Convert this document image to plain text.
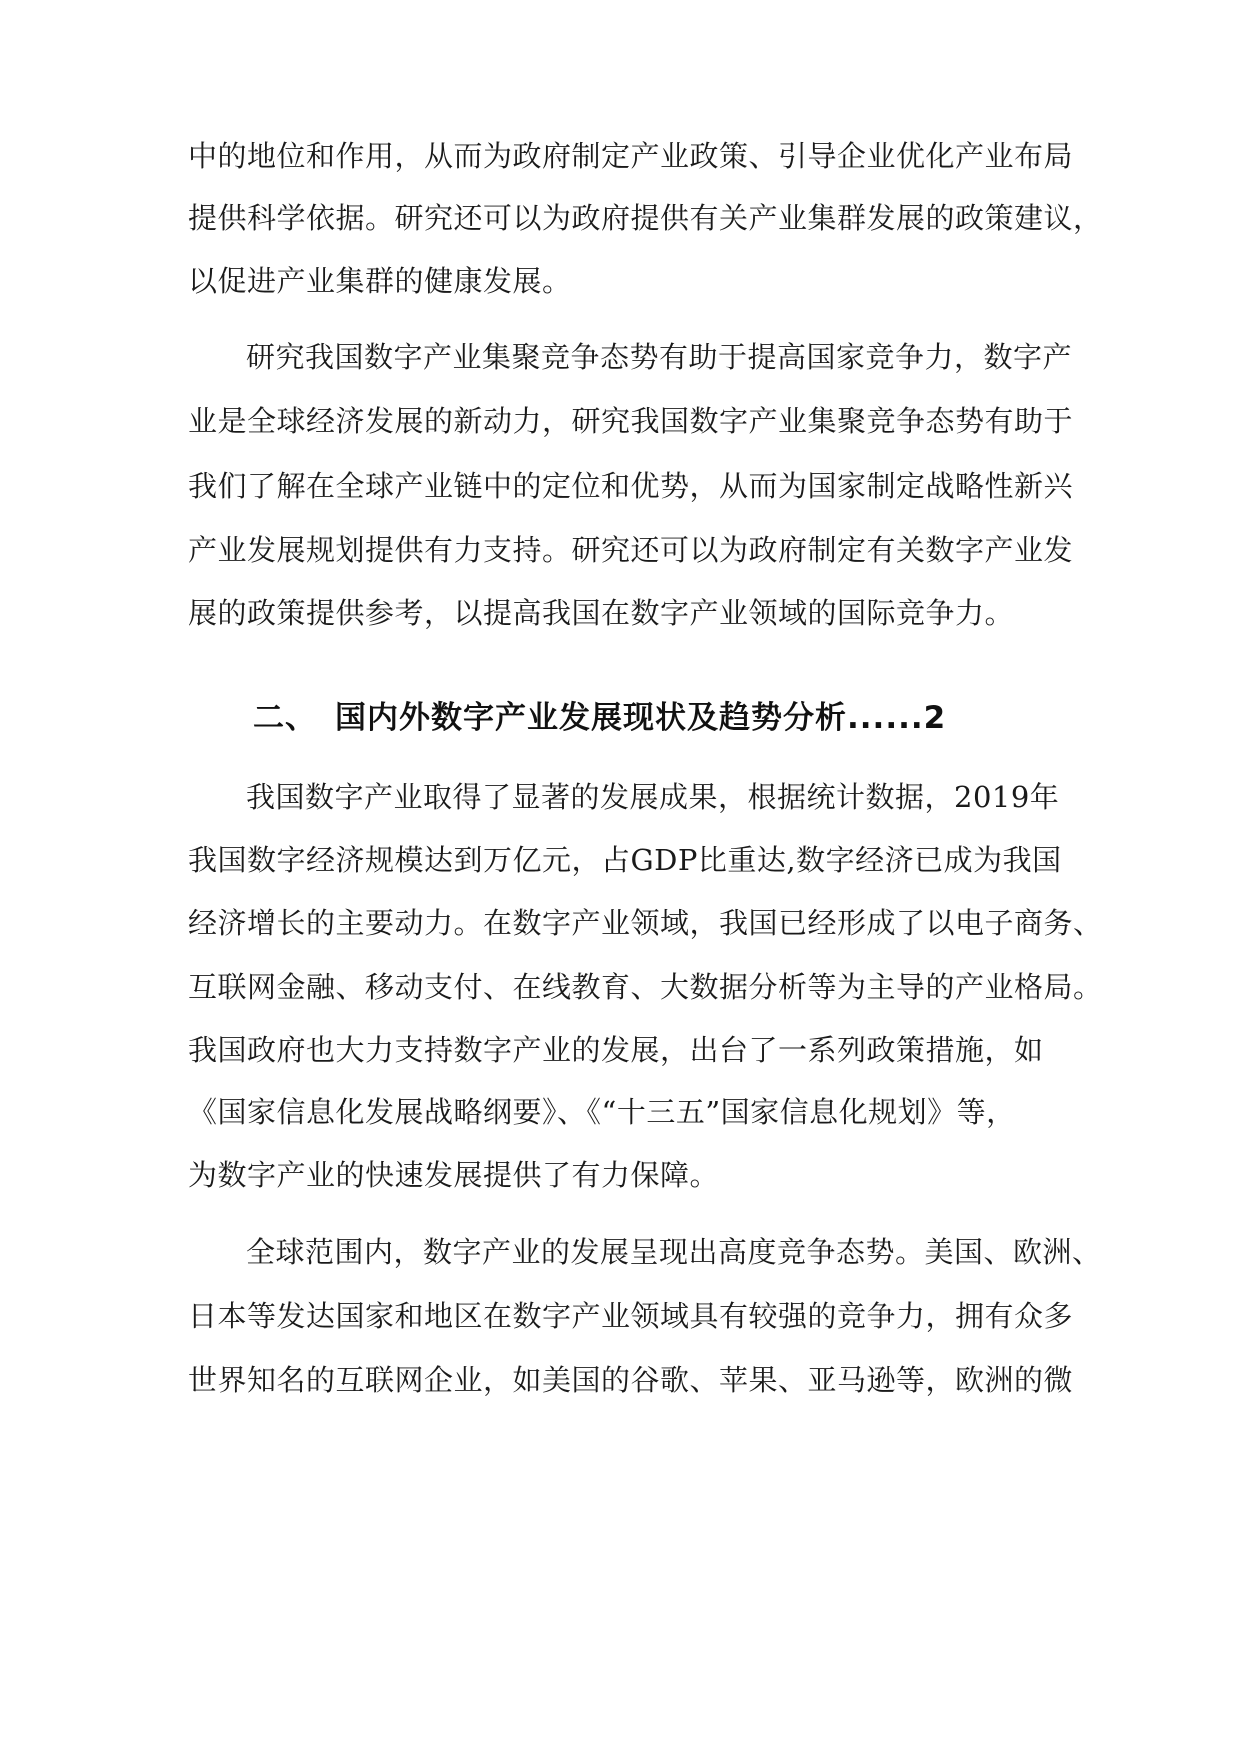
中的地位和作用，从而为政府制定产业政策、引导企业优化产业布局
提供科学依据。研究还可以为政府提供有关产业集群发展的政策建议，
以促进产业集群的健康发展。
研究我国数字产业集聚竞争态势有助于提高国家竞争力，数字产
业是全球经济发展的新动力，研究我国数字产业集聚竞争态势有助于
我们了解在全球产业链中的定位和优势，从而为国家制定战略性新兴
产业发展规划提供有力支持。研究还可以为政府制定有关数字产业发
展的政策提供参考，以提高我国在数字产业领域的国际竞争力。
二、 国内外数字产业发展现状及趋势分析......2
我国数字产业取得了显著的发展成果，根据统计数据，2019年
我国数字经济规模达到万亿元，占GDP比重达,数字经济已成为我国
经济增长的主要动力。在数字产业领域，我国已经形成了以电子商务、
互联网金融、移动支付、在线教育、大数据分析等为主导的产业格局。
我国政府也大力支持数字产业的发展，出台了一系列政策措施，如
《国家信息化发展战略纲要》、《“十三五”国家信息化规划》等，
为数字产业的快速发展提供了有力保障。
全球范围内，数字产业的发展呈现出高度竞争态势。美国、欧洲、
日本等发达国家和地区在数字产业领域具有较强的竞争力，拥有众多
世界知名的互联网企业，如美国的谷歌、苹果、亚马逊等，欧洲的微
